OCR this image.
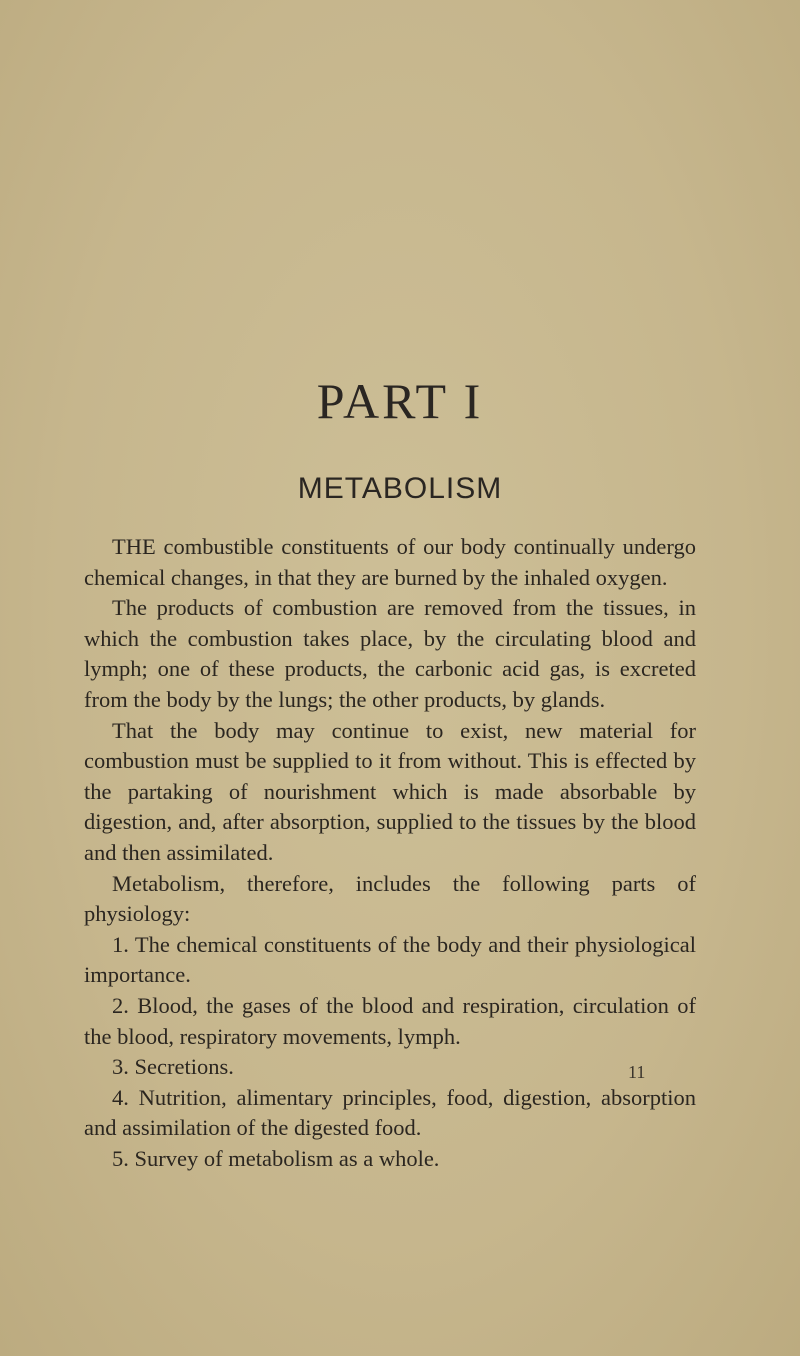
PART I
METABOLISM

THE combustible constituents of our body continually undergo chemical changes, in that they are burned by the inhaled oxygen.

The products of combustion are removed from the tissues, in which the combustion takes place, by the circulating blood and lymph; one of these products, the carbonic acid gas, is excreted from the body by the lungs; the other products, by glands.

That the body may continue to exist, new material for combustion must be supplied to it from without. This is effected by the partaking of nourishment which is made absorbable by digestion, and, after absorption, supplied to the tissues by the blood and then assimilated.

Metabolism, therefore, includes the following parts of physiology:

1. The chemical constituents of the body and their physiological importance.

2. Blood, the gases of the blood and respiration, circulation of the blood, respiratory movements, lymph.

3. Secretions.

4. Nutrition, alimentary principles, food, digestion, absorption and assimilation of the digested food.

5. Survey of metabolism as a whole.

11
